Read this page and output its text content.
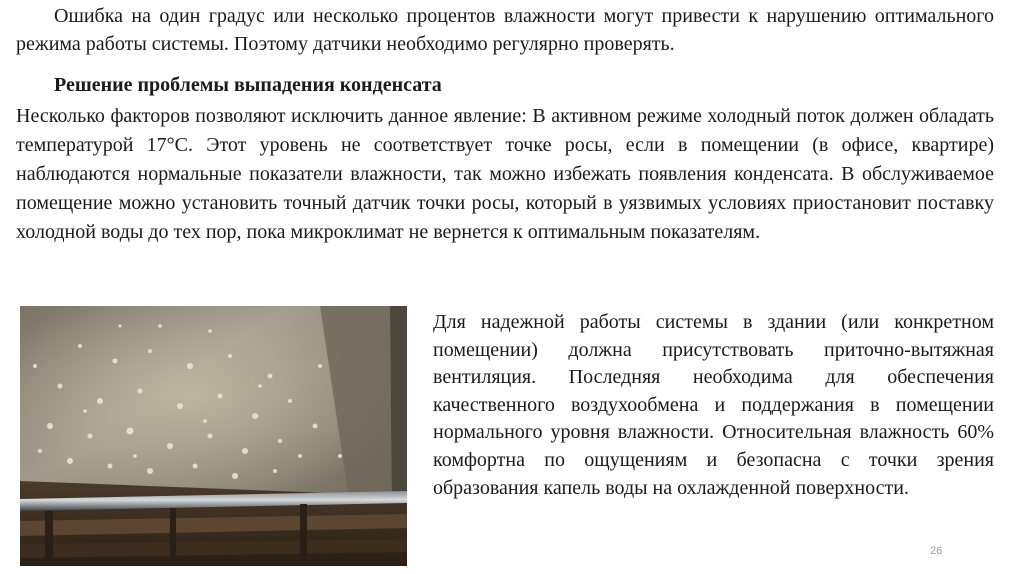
Ошибка на один градус или несколько процентов влажности могут привести к нарушению оптимального режима работы системы. Поэтому датчики необходимо регулярно проверять.

Решение проблемы выпадения конденсата

Несколько факторов позволяют исключить данное явление: В активном режиме холодный поток должен обладать температурой 17°С. Этот уровень не соответствует точке росы, если в помещении (в офисе, квартире) наблюдаются нормальные показатели влажности, так можно избежать появления конденсата. В обслуживаемое помещение можно установить точный датчик точки росы, который в уязвимых условиях приостановит поставку холодной воды до тех пор, пока микроклимат не вернется к оптимальным показателям.

Для надежной работы системы в здании (или конкретном помещении) должна присутствовать приточно-вытяжная вентиляция. Последняя необходима для обеспечения качественного воздухообмена и поддержания в помещении нормального уровня влажности. Относительная влажность 60% комфортна по ощущениям и безопасна с точки зрения образования капель воды на охлажденной поверхности.

26
